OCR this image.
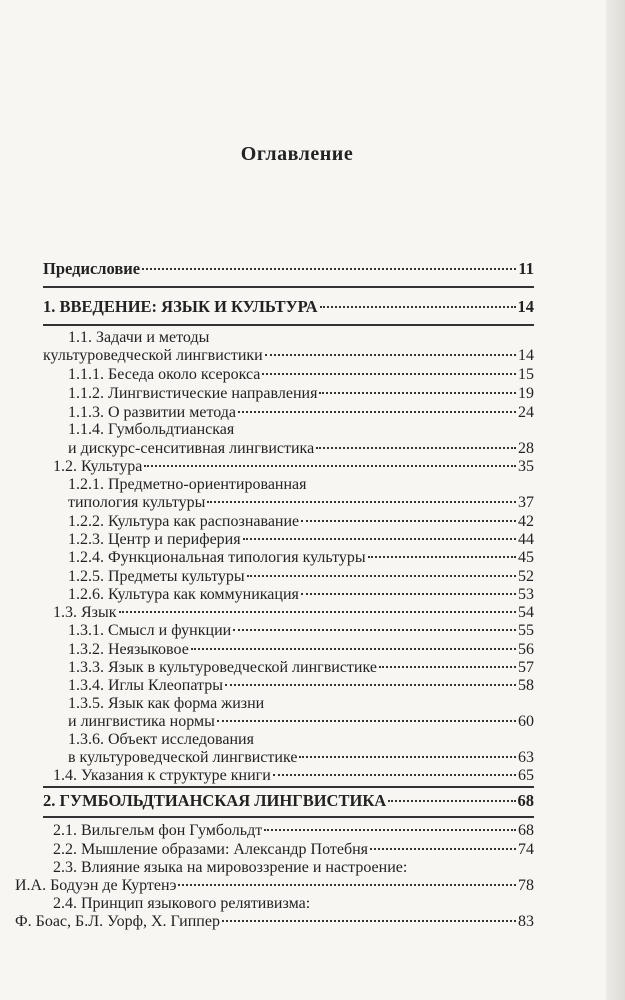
Оглавление
Предисловие	11
1. ВВЕДЕНИЕ: ЯЗЫК И КУЛЬТУРА	14
1.1. Задачи и методы
культуроведческой лингвистики	14
1.1.1. Беседа около ксерокса	15
1.1.2. Лингвистические направления	19
1.1.3. О развитии метода	24
1.1.4. Гумбольдтианская
и дискурс-сенситивная лингвистика	28
1.2. Культура	35
1.2.1. Предметно-ориентированная
типология культуры	37
1.2.2. Культура как распознавание	42
1.2.3. Центр и периферия	44
1.2.4. Функциональная типология культуры	45
1.2.5. Предметы культуры	52
1.2.6. Культура как коммуникация	53
1.3. Язык	54
1.3.1. Смысл и функции	55
1.3.2. Неязыковое	56
1.3.3. Язык в культуроведческой лингвистике	57
1.3.4. Иглы Клеопатры	58
1.3.5. Язык как форма жизни
и лингвистика нормы	60
1.3.6. Объект исследования
в культуроведческой лингвистике	63
1.4. Указания к структуре книги	65
2. ГУМБОЛЬДТИАНСКАЯ ЛИНГВИСТИКА	68
2.1. Вильгельм фон Гумбольдт	68
2.2. Мышление образами: Александр Потебня	74
2.3. Влияние языка на мировоззрение и настроение:
И.А. Бодуэн де Куртенэ	78
2.4. Принцип языкового релятивизма:
Ф. Боас, Б.Л. Уорф, Х. Гиппер	83
